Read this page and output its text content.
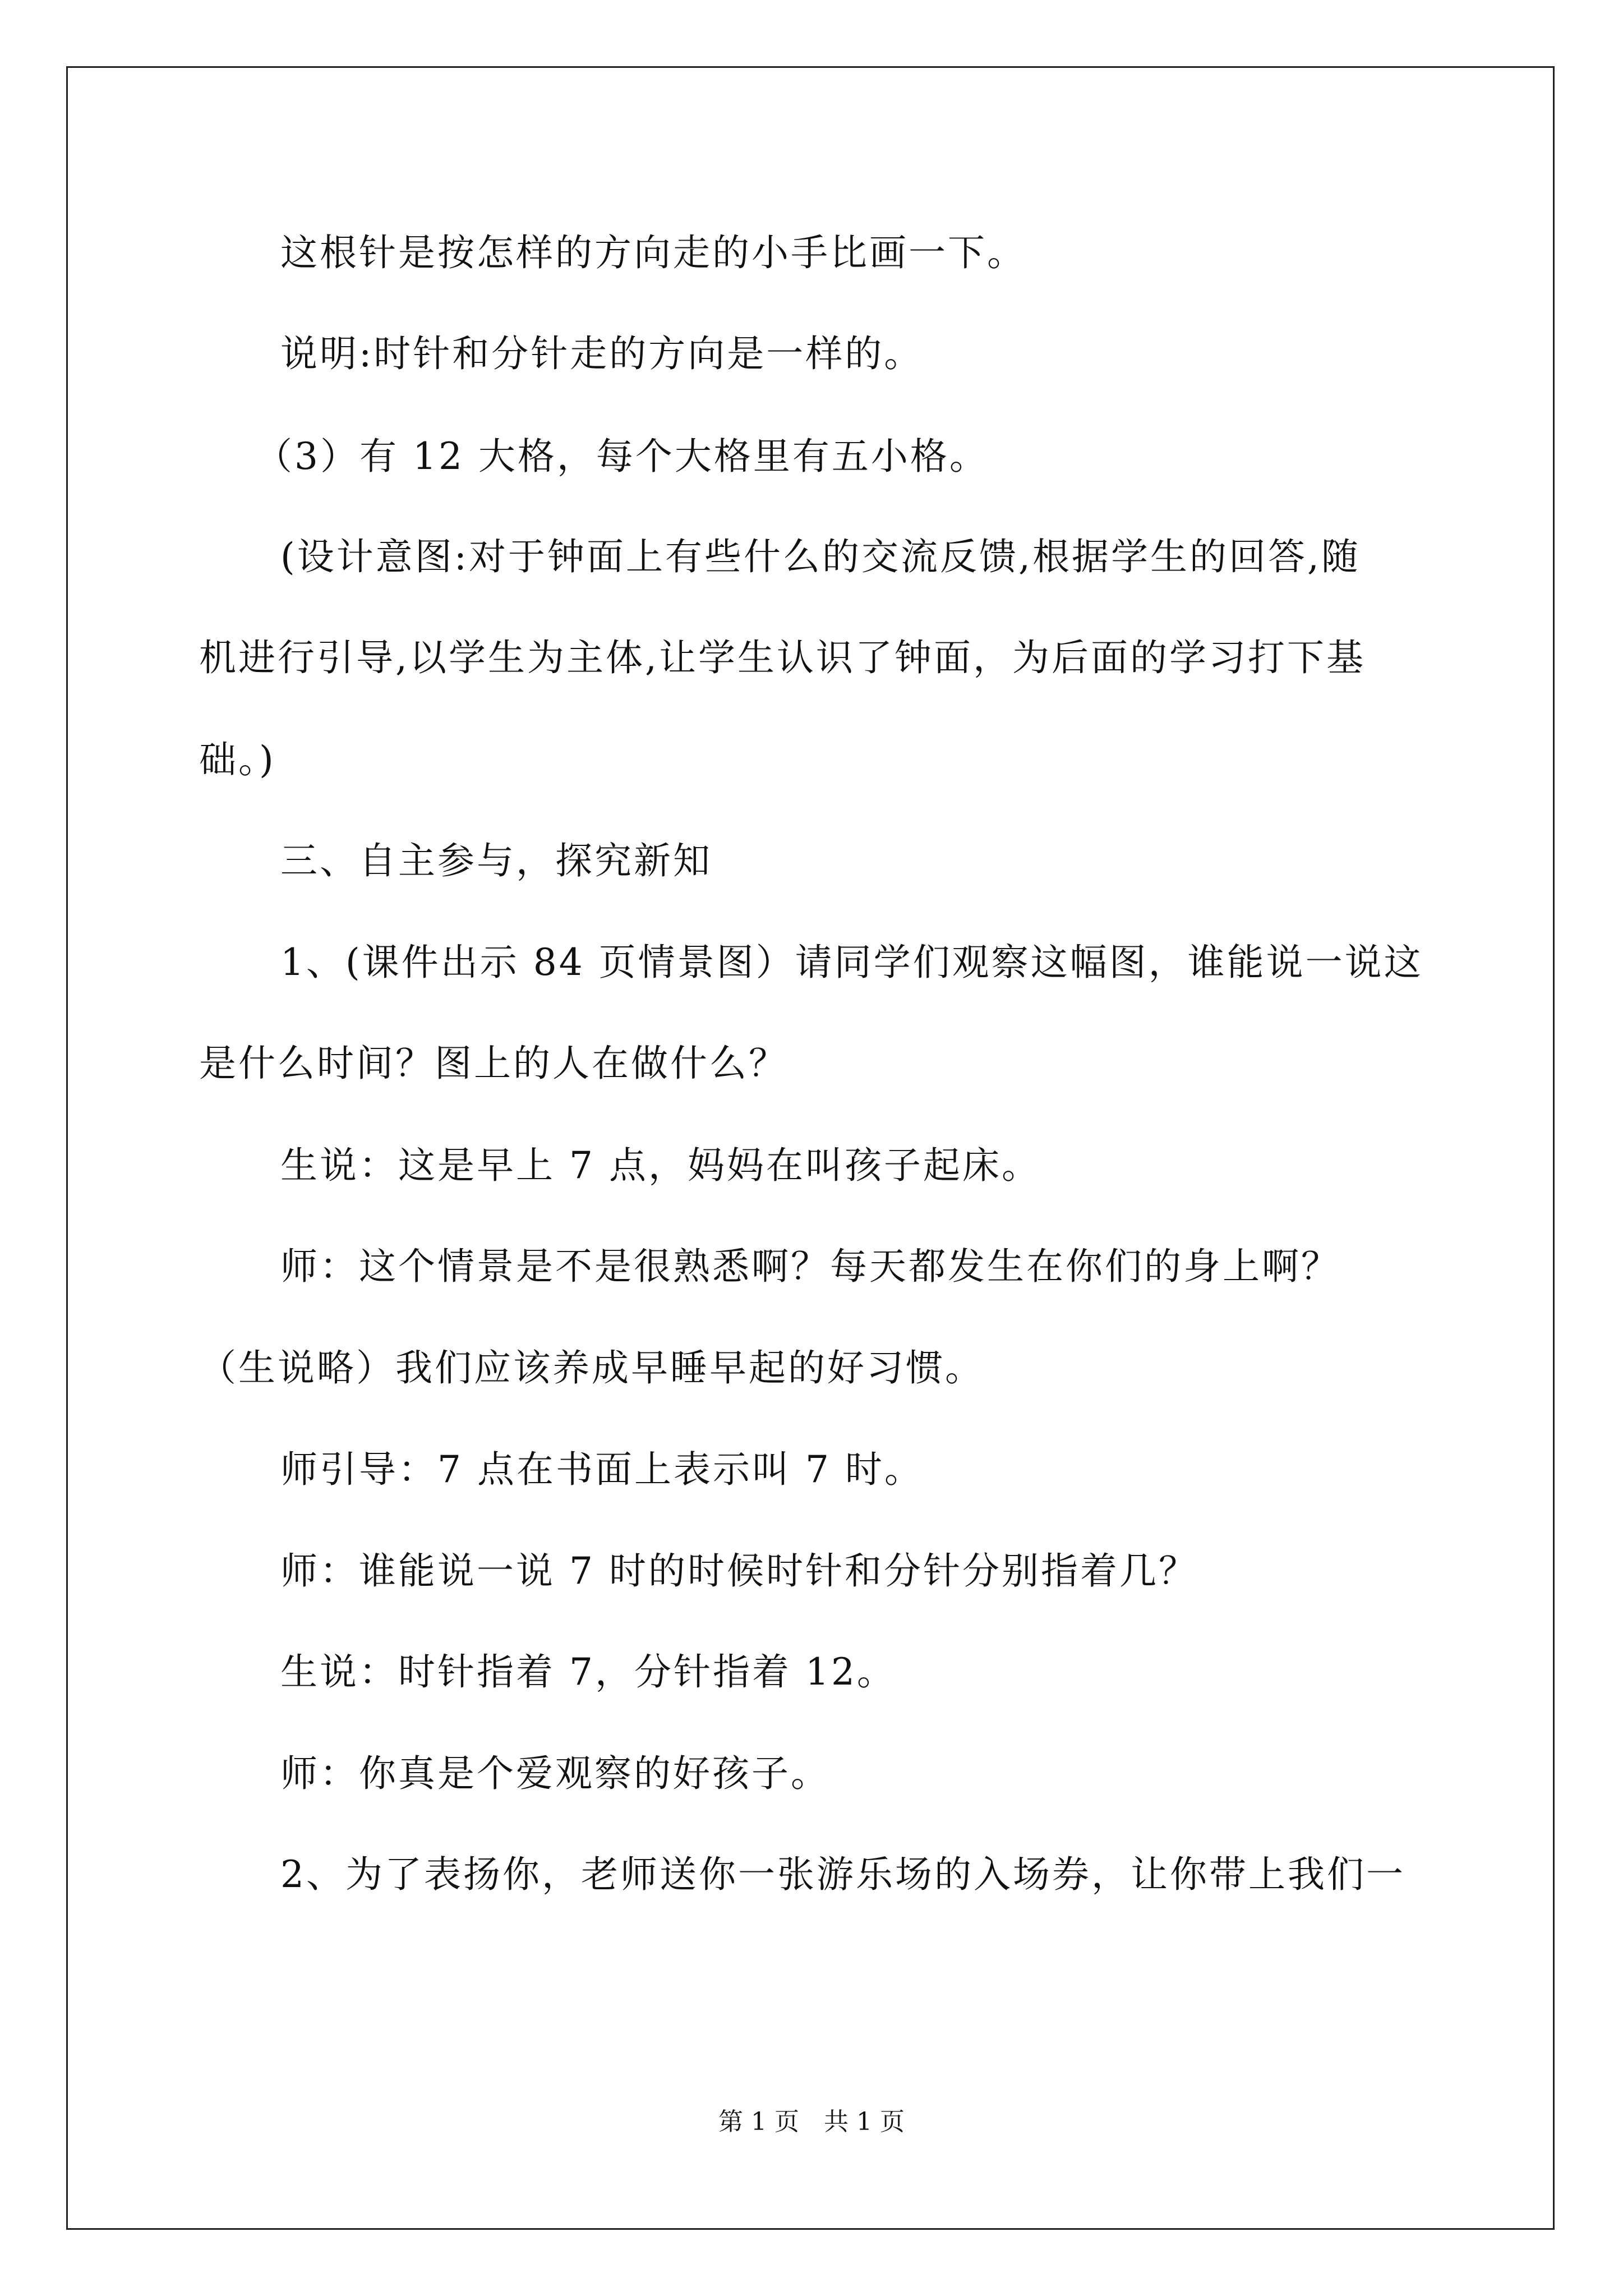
这根针是按怎样的方向走的小手比画一下。
说明:时针和分针走的方向是一样的。
（3）有 12 大格，每个大格里有五小格。
(设计意图:对于钟面上有些什么的交流反馈,根据学生的回答,随
机进行引导,以学生为主体,让学生认识了钟面，为后面的学习打下基
础。)
三、自主参与，探究新知
1、(课件出示 84 页情景图）请同学们观察这幅图，谁能说一说这
是什么时间？图上的人在做什么？
生说：这是早上 7 点，妈妈在叫孩子起床。
师：这个情景是不是很熟悉啊？每天都发生在你们的身上啊？
（生说略）我们应该养成早睡早起的好习惯。
师引导：7 点在书面上表示叫 7 时。
师：谁能说一说 7 时的时候时针和分针分别指着几？
生说：时针指着 7，分针指着 12。
师：你真是个爱观察的好孩子。
2、为了表扬你，老师送你一张游乐场的入场券，让你带上我们一
第 1 页　共 1 页
